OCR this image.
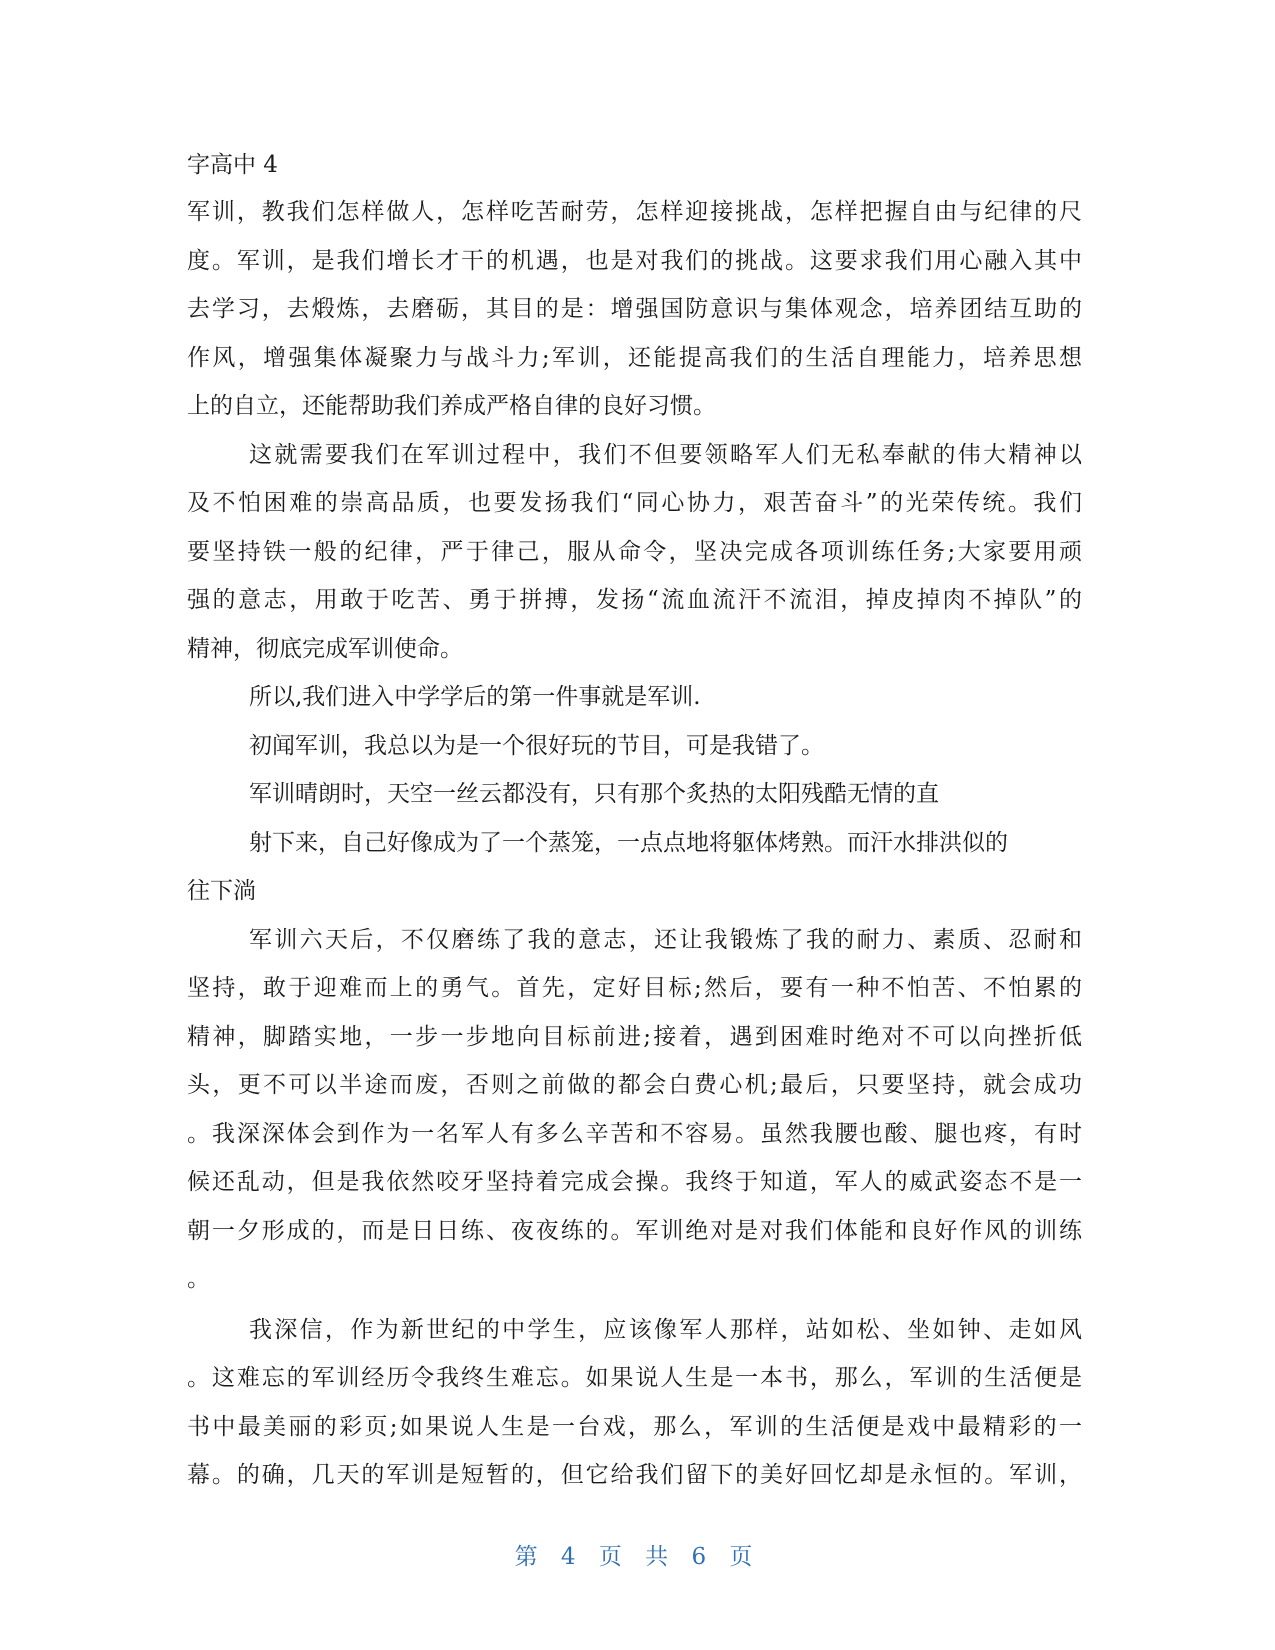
字高中 4
军训，教我们怎样做人，怎样吃苦耐劳，怎样迎接挑战，怎样把握自由与纪律的尺
度。军训，是我们增长才干的机遇，也是对我们的挑战。这要求我们用心融入其中
去学习，去煅炼，去磨砺，其目的是：增强国防意识与集体观念，培养团结互助的
作风，增强集体凝聚力与战斗力;军训，还能提高我们的生活自理能力，培养思想
上的自立，还能帮助我们养成严格自律的良好习惯。
这就需要我们在军训过程中，我们不但要领略军人们无私奉献的伟大精神以
及不怕困难的崇高品质，也要发扬我们“同心协力，艰苦奋斗”的光荣传统。我们
要坚持铁一般的纪律，严于律己，服从命令，坚决完成各项训练任务;大家要用顽
强的意志，用敢于吃苦、勇于拼搏，发扬“流血流汗不流泪，掉皮掉肉不掉队”的
精神，彻底完成军训使命。
所以,我们进入中学学后的第一件事就是军训.
初闻军训，我总以为是一个很好玩的节目，可是我错了。
军训晴朗时，天空一丝云都没有，只有那个炙热的太阳残酷无情的直
射下来，自己好像成为了一个蒸笼，一点点地将躯体烤熟。而汗水排洪似的
往下淌
军训六天后，不仅磨练了我的意志，还让我锻炼了我的耐力、素质、忍耐和
坚持，敢于迎难而上的勇气。首先，定好目标;然后，要有一种不怕苦、不怕累的
精神，脚踏实地，一步一步地向目标前进;接着，遇到困难时绝对不可以向挫折低
头，更不可以半途而废，否则之前做的都会白费心机;最后，只要坚持，就会成功
。我深深体会到作为一名军人有多么辛苦和不容易。虽然我腰也酸、腿也疼，有时
候还乱动，但是我依然咬牙坚持着完成会操。我终于知道，军人的威武姿态不是一
朝一夕形成的，而是日日练、夜夜练的。军训绝对是对我们体能和良好作风的训练
。
我深信，作为新世纪的中学生，应该像军人那样，站如松、坐如钟、走如风
。这难忘的军训经历令我终生难忘。如果说人生是一本书，那么，军训的生活便是
书中最美丽的彩页;如果说人生是一台戏，那么，军训的生活便是戏中最精彩的一
幕。的确，几天的军训是短暂的，但它给我们留下的美好回忆却是永恒的。军训，
第 4 页 共 6 页
